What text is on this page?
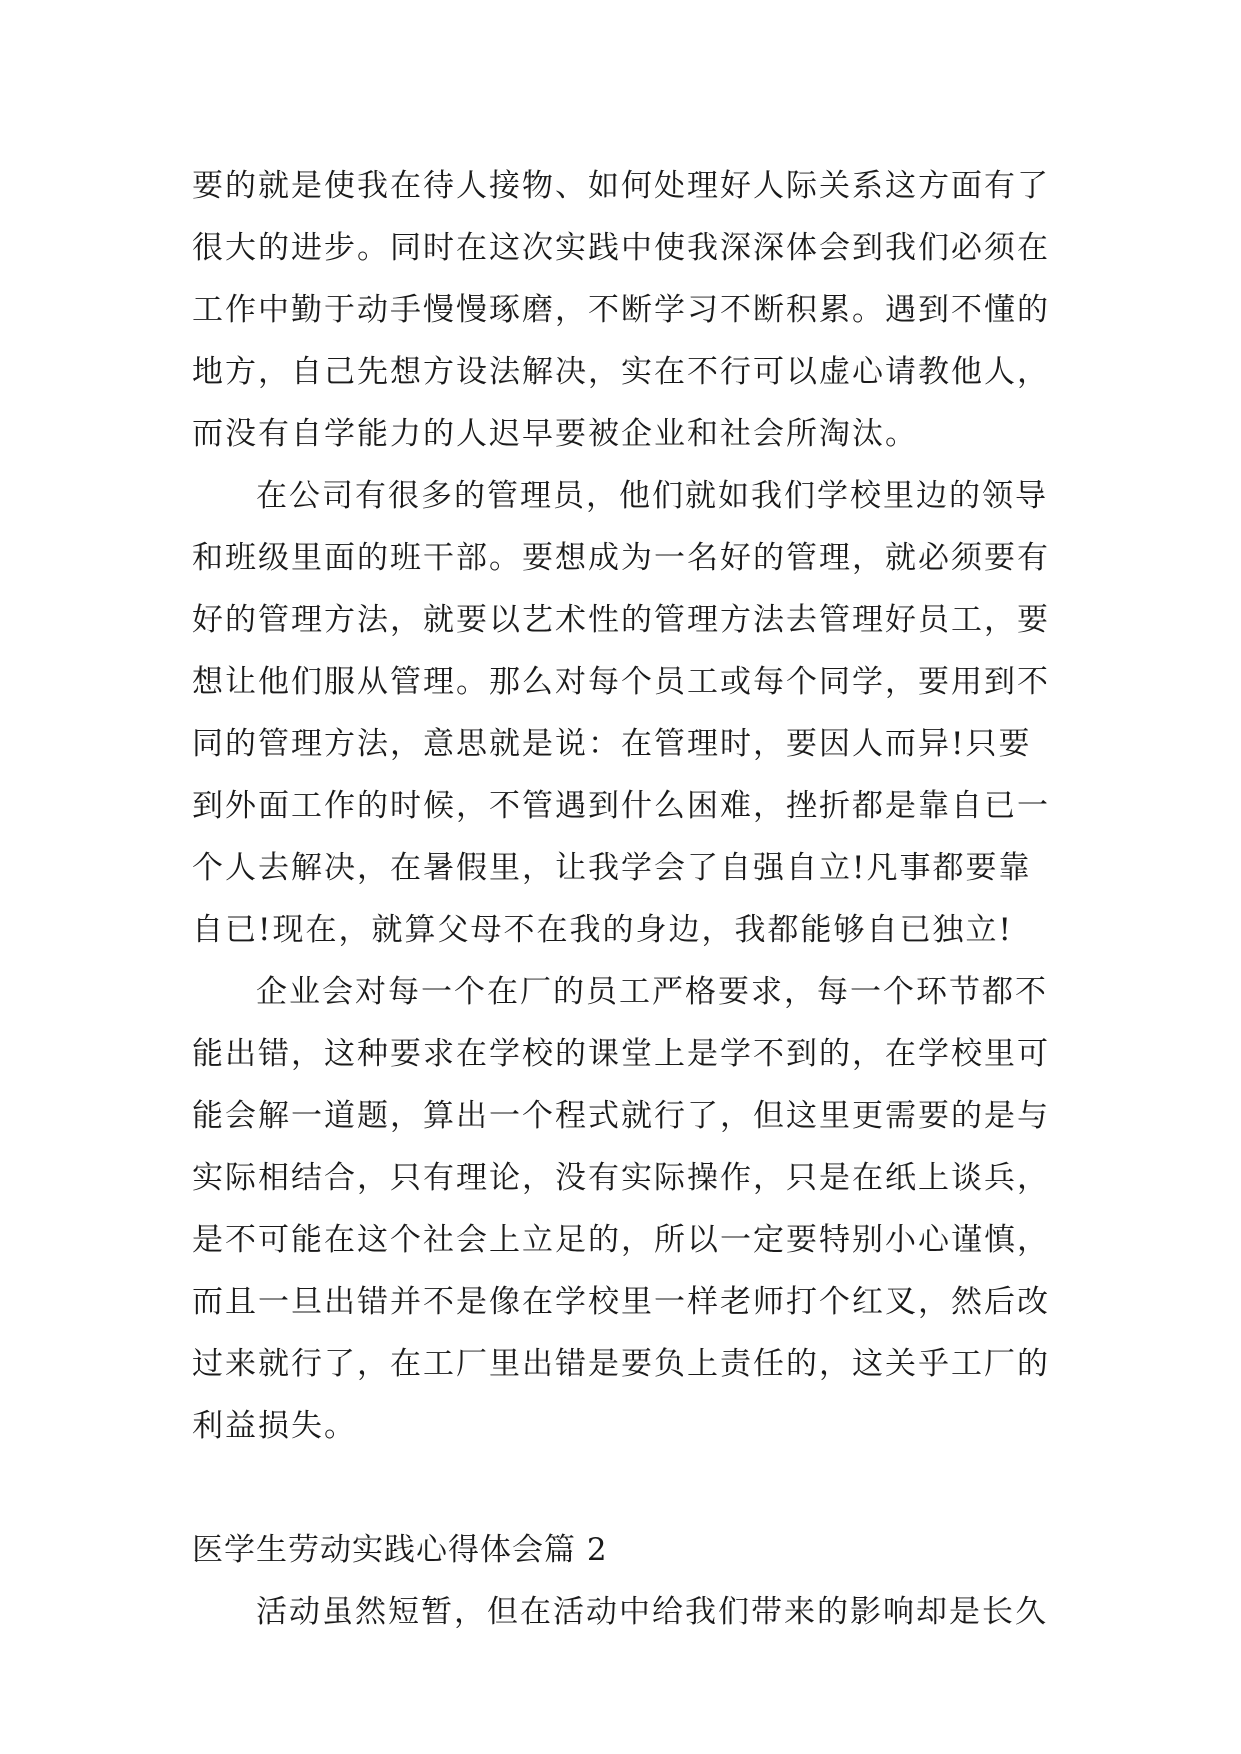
要的就是使我在待人接物、如何处理好人际关系这方面有了
很大的进步。同时在这次实践中使我深深体会到我们必须在
工作中勤于动手慢慢琢磨，不断学习不断积累。遇到不懂的
地方，自己先想方设法解决，实在不行可以虚心请教他人，
而没有自学能力的人迟早要被企业和社会所淘汰。
在公司有很多的管理员，他们就如我们学校里边的领导
和班级里面的班干部。要想成为一名好的管理，就必须要有
好的管理方法，就要以艺术性的管理方法去管理好员工，要
想让他们服从管理。那么对每个员工或每个同学，要用到不
同的管理方法，意思就是说：在管理时，要因人而异!只要
到外面工作的时候，不管遇到什么困难，挫折都是靠自已一
个人去解决，在暑假里，让我学会了自强自立!凡事都要靠
自已!现在，就算父母不在我的身边，我都能够自已独立!
企业会对每一个在厂的员工严格要求，每一个环节都不
能出错，这种要求在学校的课堂上是学不到的，在学校里可
能会解一道题，算出一个程式就行了，但这里更需要的是与
实际相结合，只有理论，没有实际操作，只是在纸上谈兵，
是不可能在这个社会上立足的，所以一定要特别小心谨慎，
而且一旦出错并不是像在学校里一样老师打个红叉，然后改
过来就行了，在工厂里出错是要负上责任的，这关乎工厂的
利益损失。
医学生劳动实践心得体会篇 2
活动虽然短暂，但在活动中给我们带来的影响却是长久
